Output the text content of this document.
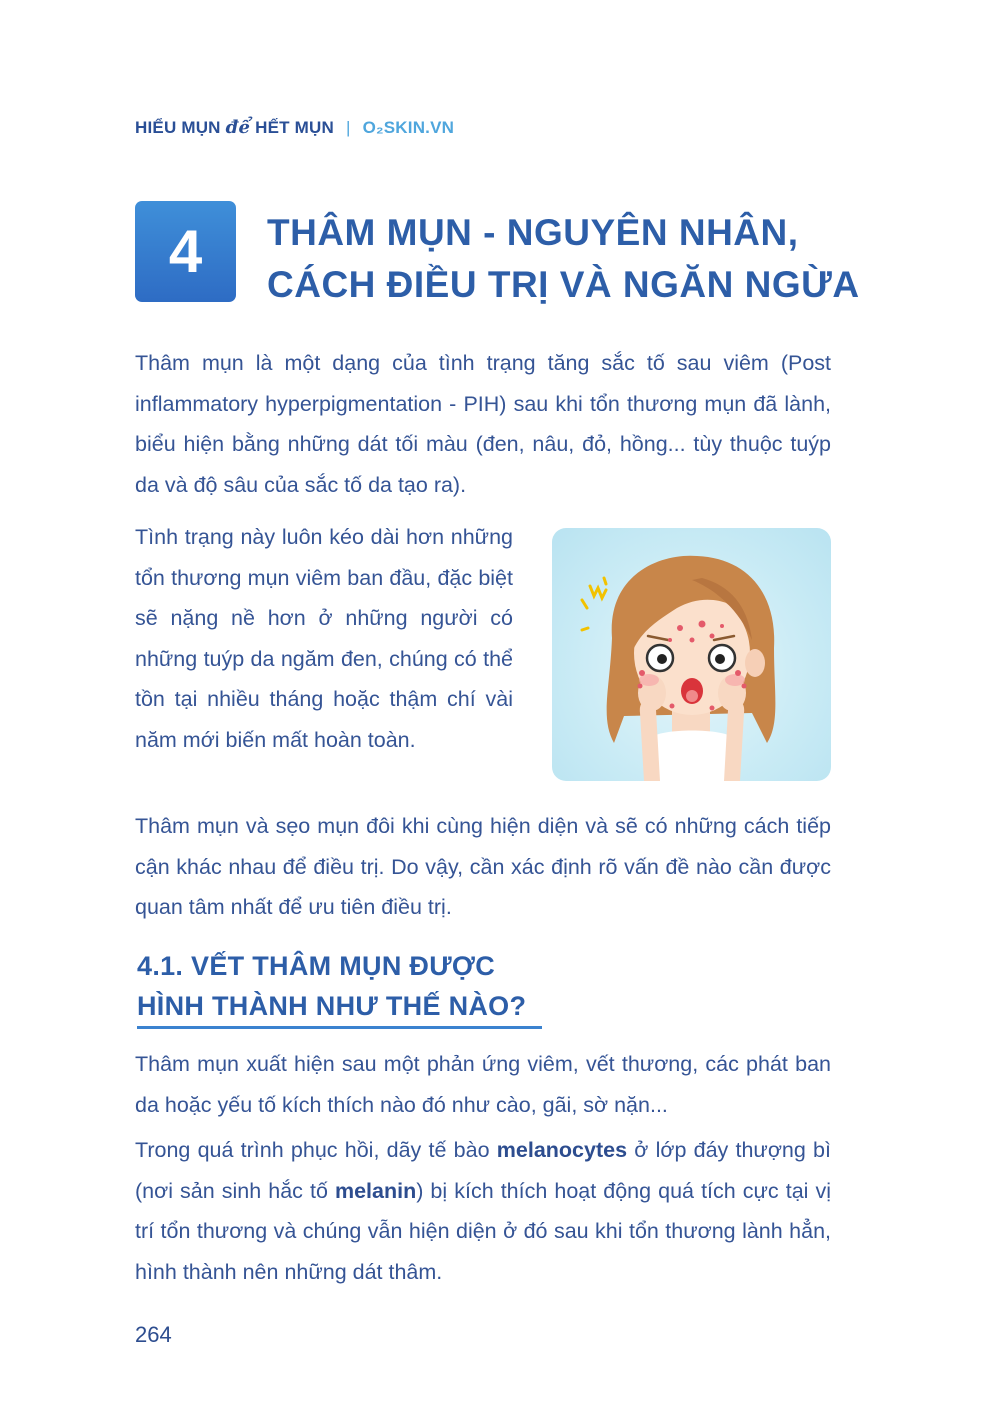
HIỂU MỤN để HẾT MỤN | O₂SKIN.VN
4 THÂM MỤN - NGUYÊN NHÂN,
CÁCH ĐIỀU TRỊ VÀ NGĂN NGỪA
Thâm mụn là một dạng của tình trạng tăng sắc tố sau viêm (Post inflammatory hyperpigmentation - PIH) sau khi tổn thương mụn đã lành, biểu hiện bằng những dát tối màu (đen, nâu, đỏ, hồng... tùy thuộc tuýp da và độ sâu của sắc tố da tạo ra).
Tình trạng này luôn kéo dài hơn những tổn thương mụn viêm ban đầu, đặc biệt sẽ nặng nề hơn ở những người có những tuýp da ngăm đen, chúng có thể tồn tại nhiều tháng hoặc thậm chí vài năm mới biến mất hoàn toàn.
Thâm mụn và sẹo mụn đôi khi cùng hiện diện và sẽ có những cách tiếp cận khác nhau để điều trị. Do vậy, cần xác định rõ vấn đề nào cần được quan tâm nhất để ưu tiên điều trị.
4.1. VẾT THÂM MỤN ĐƯỢC
HÌNH THÀNH NHƯ THẾ NÀO?
Thâm mụn xuất hiện sau một phản ứng viêm, vết thương, các phát ban da hoặc yếu tố kích thích nào đó như cào, gãi, sờ nặn...
Trong quá trình phục hồi, dãy tế bào melanocytes ở lớp đáy thượng bì (nơi sản sinh hắc tố melanin) bị kích thích hoạt động quá tích cực tại vị trí tổn thương và chúng vẫn hiện diện ở đó sau khi tổn thương lành hẳn, hình thành nên những dát thâm.
264
